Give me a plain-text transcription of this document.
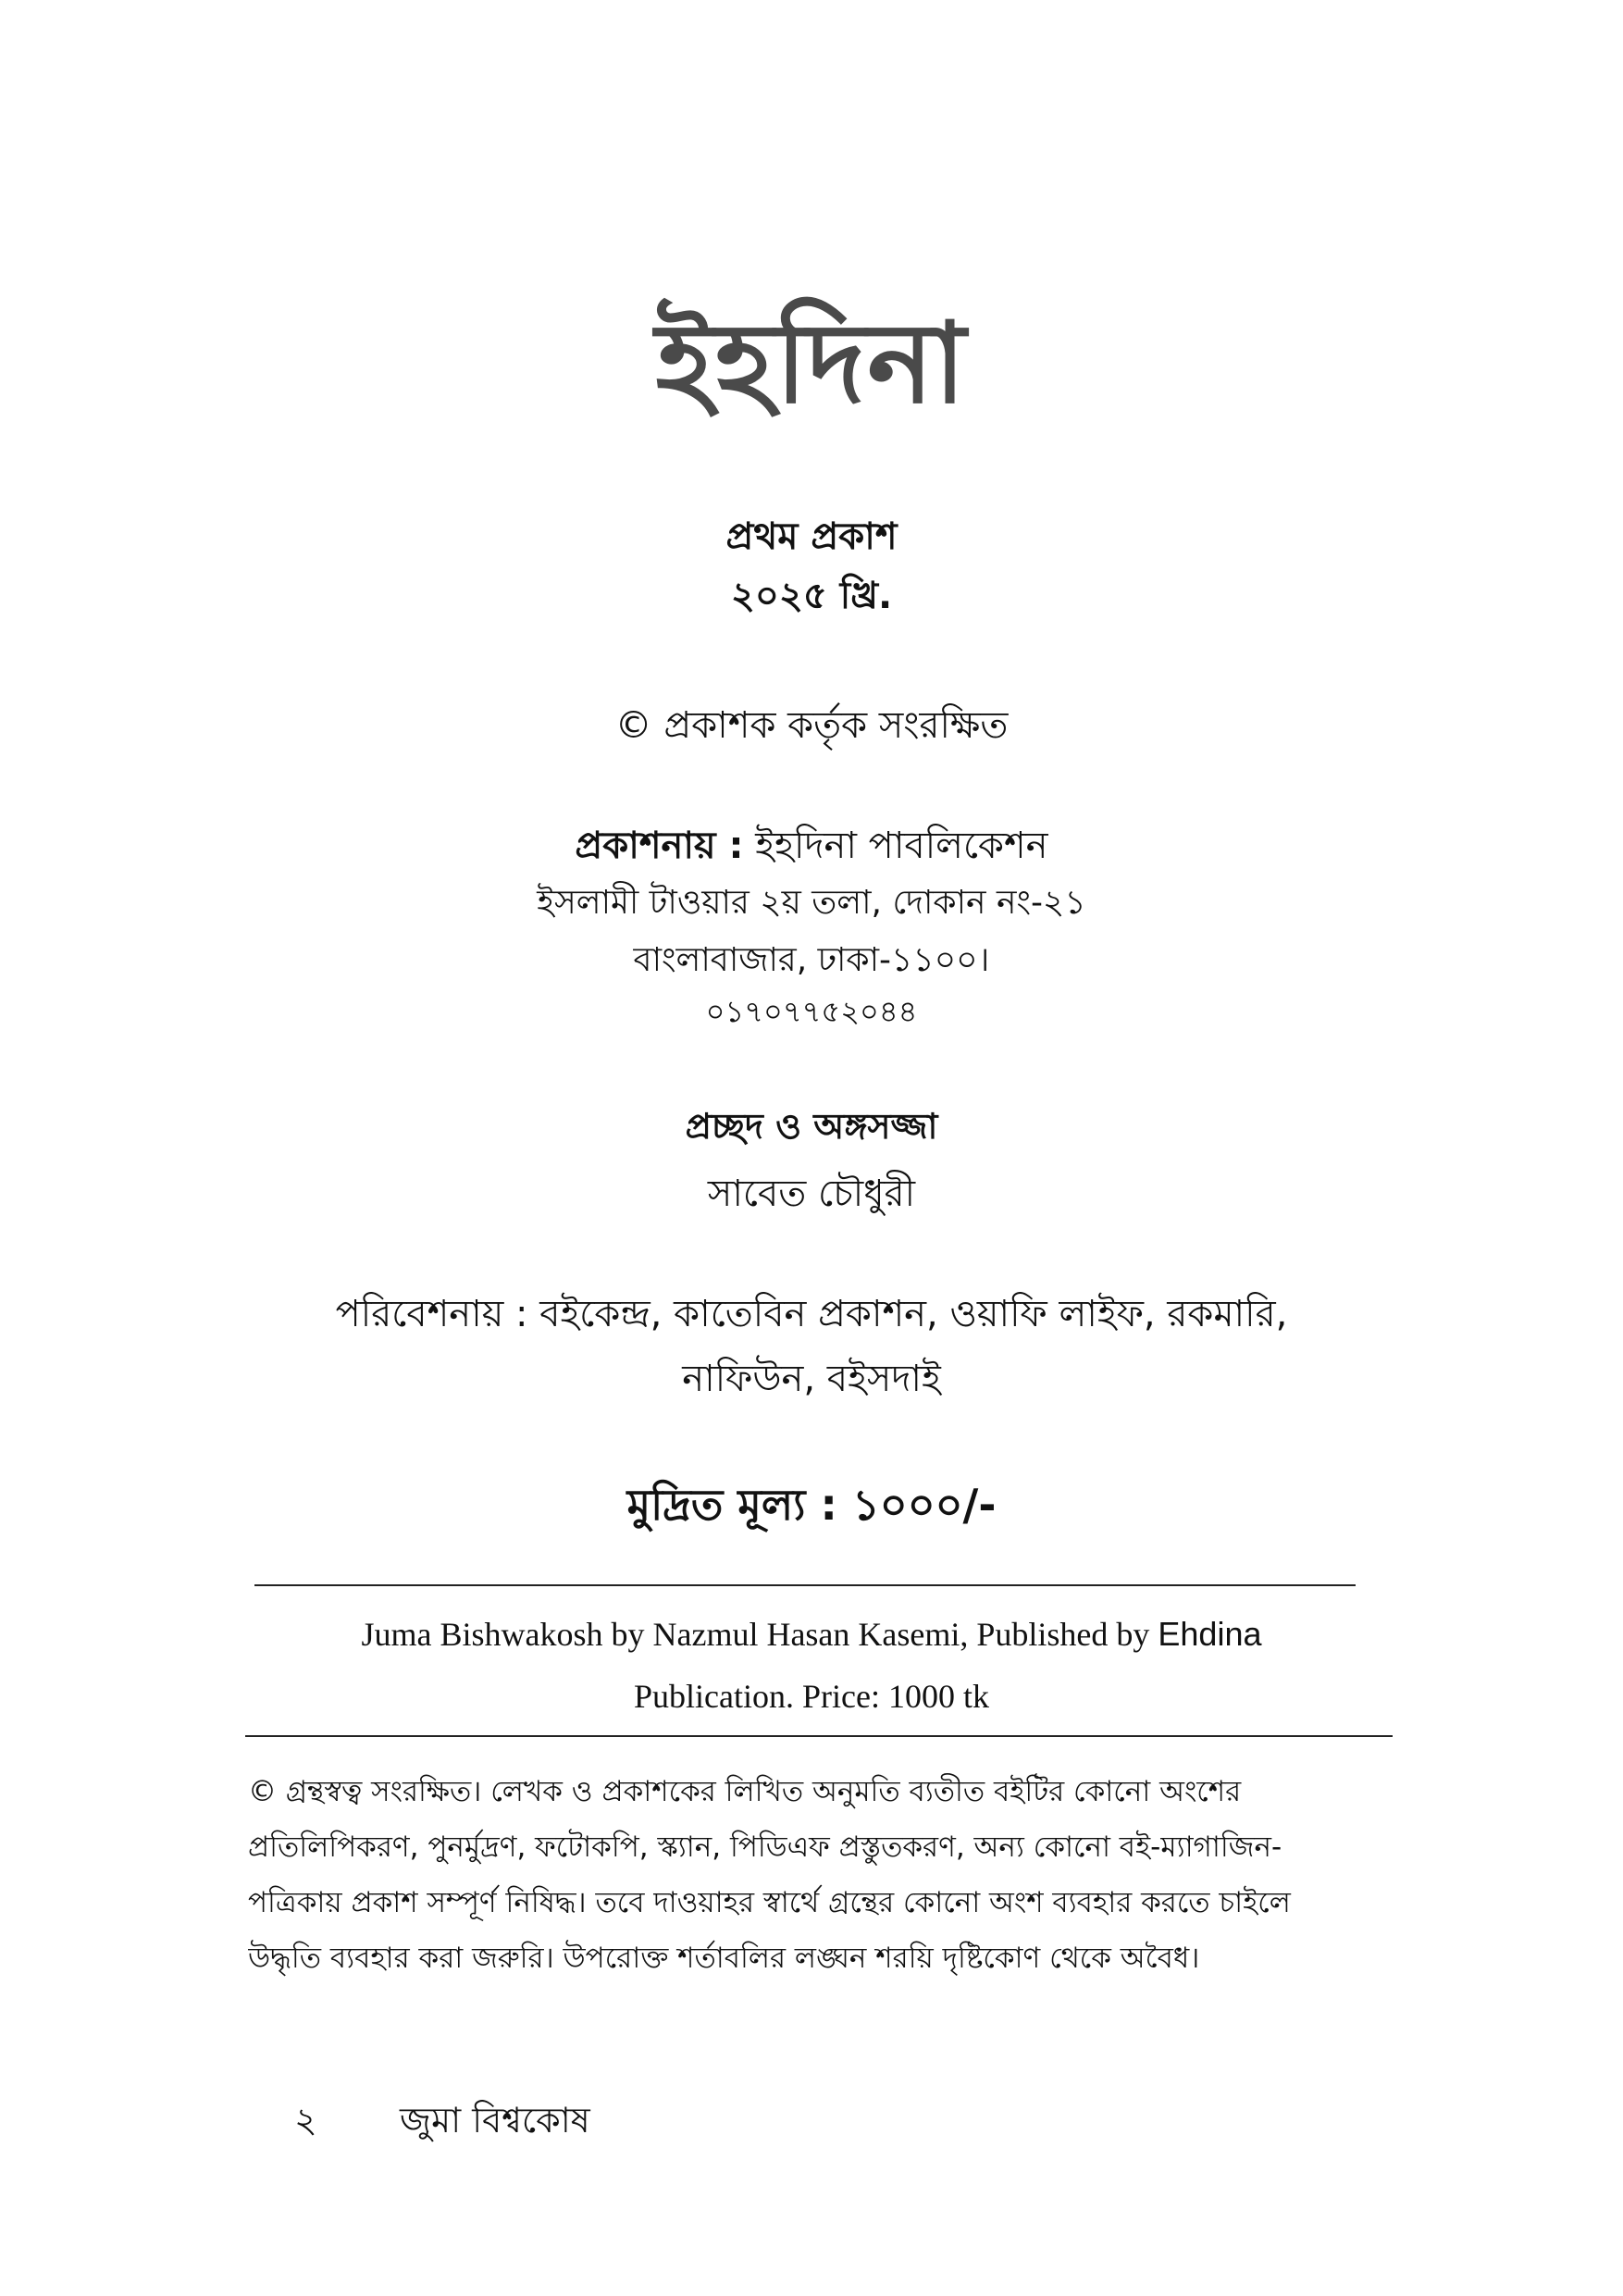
ইহদিনা
প্রথম প্রকাশ
২০২৫ খ্রি.
© প্রকাশক কর্তৃক সংরক্ষিত
প্রকাশনায় : ইহদিনা পাবলিকেশন
ইসলামী টাওয়ার ২য় তলা, দোকান নং-২১
বাংলাবাজার, ঢাকা-১১০০।
০১৭০৭৭৫২০৪৪
প্রচ্ছদ ও অঙ্গসজ্জা
সাবেত চৌধুরী
পরিবেশনায় : বইকেন্দ্র, কাতেবিন প্রকাশন, ওয়াফি লাইফ, রকমারি,
নাফিউন, বইসদাই
মুদ্রিত মূল্য : ১০০০/-
Juma Bishwakosh by Nazmul Hasan Kasemi, Published by Ehdina
Publication. Price: 1000 tk
© গ্রন্থস্বত্ব সংরক্ষিত। লেখক ও প্রকাশকের লিখিত অনুমতি ব্যতীত বইটির কোনো অংশের
প্রতিলিপিকরণ, পুনর্মুদ্রণ, ফটোকপি, স্ক্যান, পিডিএফ প্রস্তুতকরণ, অন্য কোনো বই-ম্যাগাজিন-
পত্রিকায় প্রকাশ সম্পূর্ণ নিষিদ্ধ। তবে দাওয়াহর স্বার্থে গ্রন্থের কোনো অংশ ব্যবহার করতে চাইলে
উদ্ধৃতি ব্যবহার করা জরুরি। উপরোক্ত শর্তাবলির লঙ্ঘন শরয়ি দৃষ্টিকোণ থেকে অবৈধ।
২ জুমা বিশ্বকোষ
